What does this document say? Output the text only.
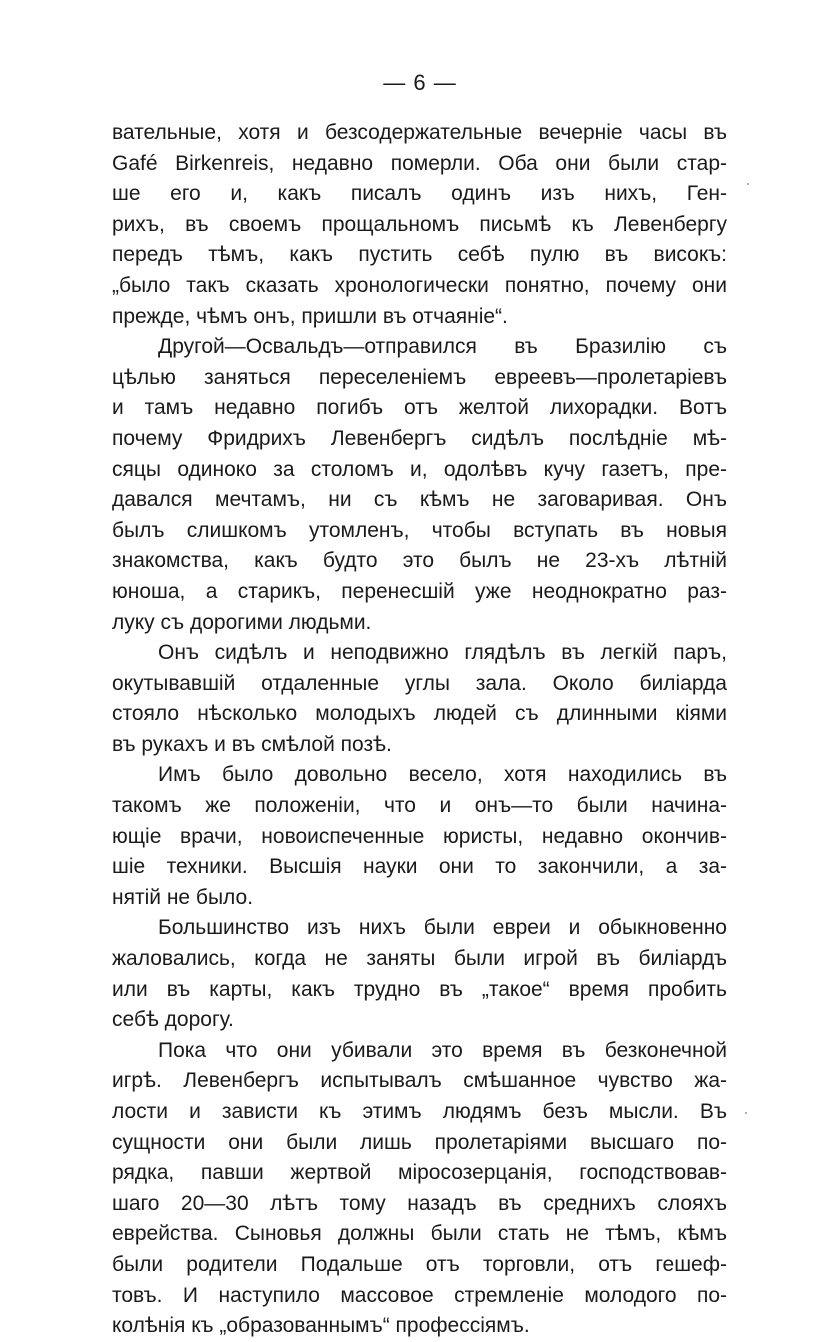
— 6 —
вательные, хотя и безсодержательные вечернiе часы въ
Gafé Birkenreis, недавно померли. Оба они были стар-
ше его и, какъ писалъ одинъ изъ нихъ, Ген-
рихъ, въ своемъ прощальномъ письмѣ къ Левенбергу
передъ тѣмъ, какъ пустить себѣ пулю въ високъ:
„было такъ сказать хронологически понятно, почему они
прежде, чѣмъ онъ, пришли въ отчаянiе“.
Другой—Освальдъ—отправился въ Бразилiю съ
цѣлью заняться переселенiемъ евреевъ—пролетарiевъ
и тамъ недавно погибъ отъ желтой лихорадки. Вотъ
почему Фридрихъ Левенбергъ сидѣлъ послѣднiе мѣ-
сяцы одиноко за столомъ и, одолѣвъ кучу газетъ, пре-
давался мечтамъ, ни съ кѣмъ не заговаривая. Онъ
былъ слишкомъ утомленъ, чтобы вступать въ новыя
знакомства, какъ будто это былъ не 23-хъ лѣтнiй
юноша, а старикъ, перенесшiй уже неоднократно раз-
луку съ дорогими людьми.
Онъ сидѣлъ и неподвижно глядѣлъ въ легкiй паръ,
окутывавшiй отдаленные углы зала. Около билiарда
стояло нѣсколько молодыхъ людей съ длинными кiями
въ рукахъ и въ смѣлой позѣ.
Имъ было довольно весело, хотя находились въ
такомъ же положенiи, что и онъ—то были начина-
ющiе врачи, новоиспеченные юристы, недавно окончив-
шiе техники. Высшiя науки они то закончили, а за-
нятiй не было.
Большинство изъ нихъ были евреи и обыкновенно
жаловались, когда не заняты были игрой въ билiардъ
или въ карты, какъ трудно въ „такое“ время пробить
себѣ дорогу.
Пока что они убивали это время въ безконечной
игрѣ. Левенбергъ испытывалъ смѣшанное чувство жа-
лости и зависти къ этимъ людямъ безъ мысли. Въ
сущности они были лишь пролетарiями высшаго по-
рядка, павши жертвой мiросозерцанiя, господствовав-
шаго 20—30 лѣтъ тому назадъ въ среднихъ слояхъ
еврейства. Сыновья должны были стать не тѣмъ, кѣмъ
были родители Подальше отъ торговли, отъ гешеф-
товъ. И наступило массовое стремленiе молодого по-
колѣнiя къ „образованнымъ“ профессiямъ.
